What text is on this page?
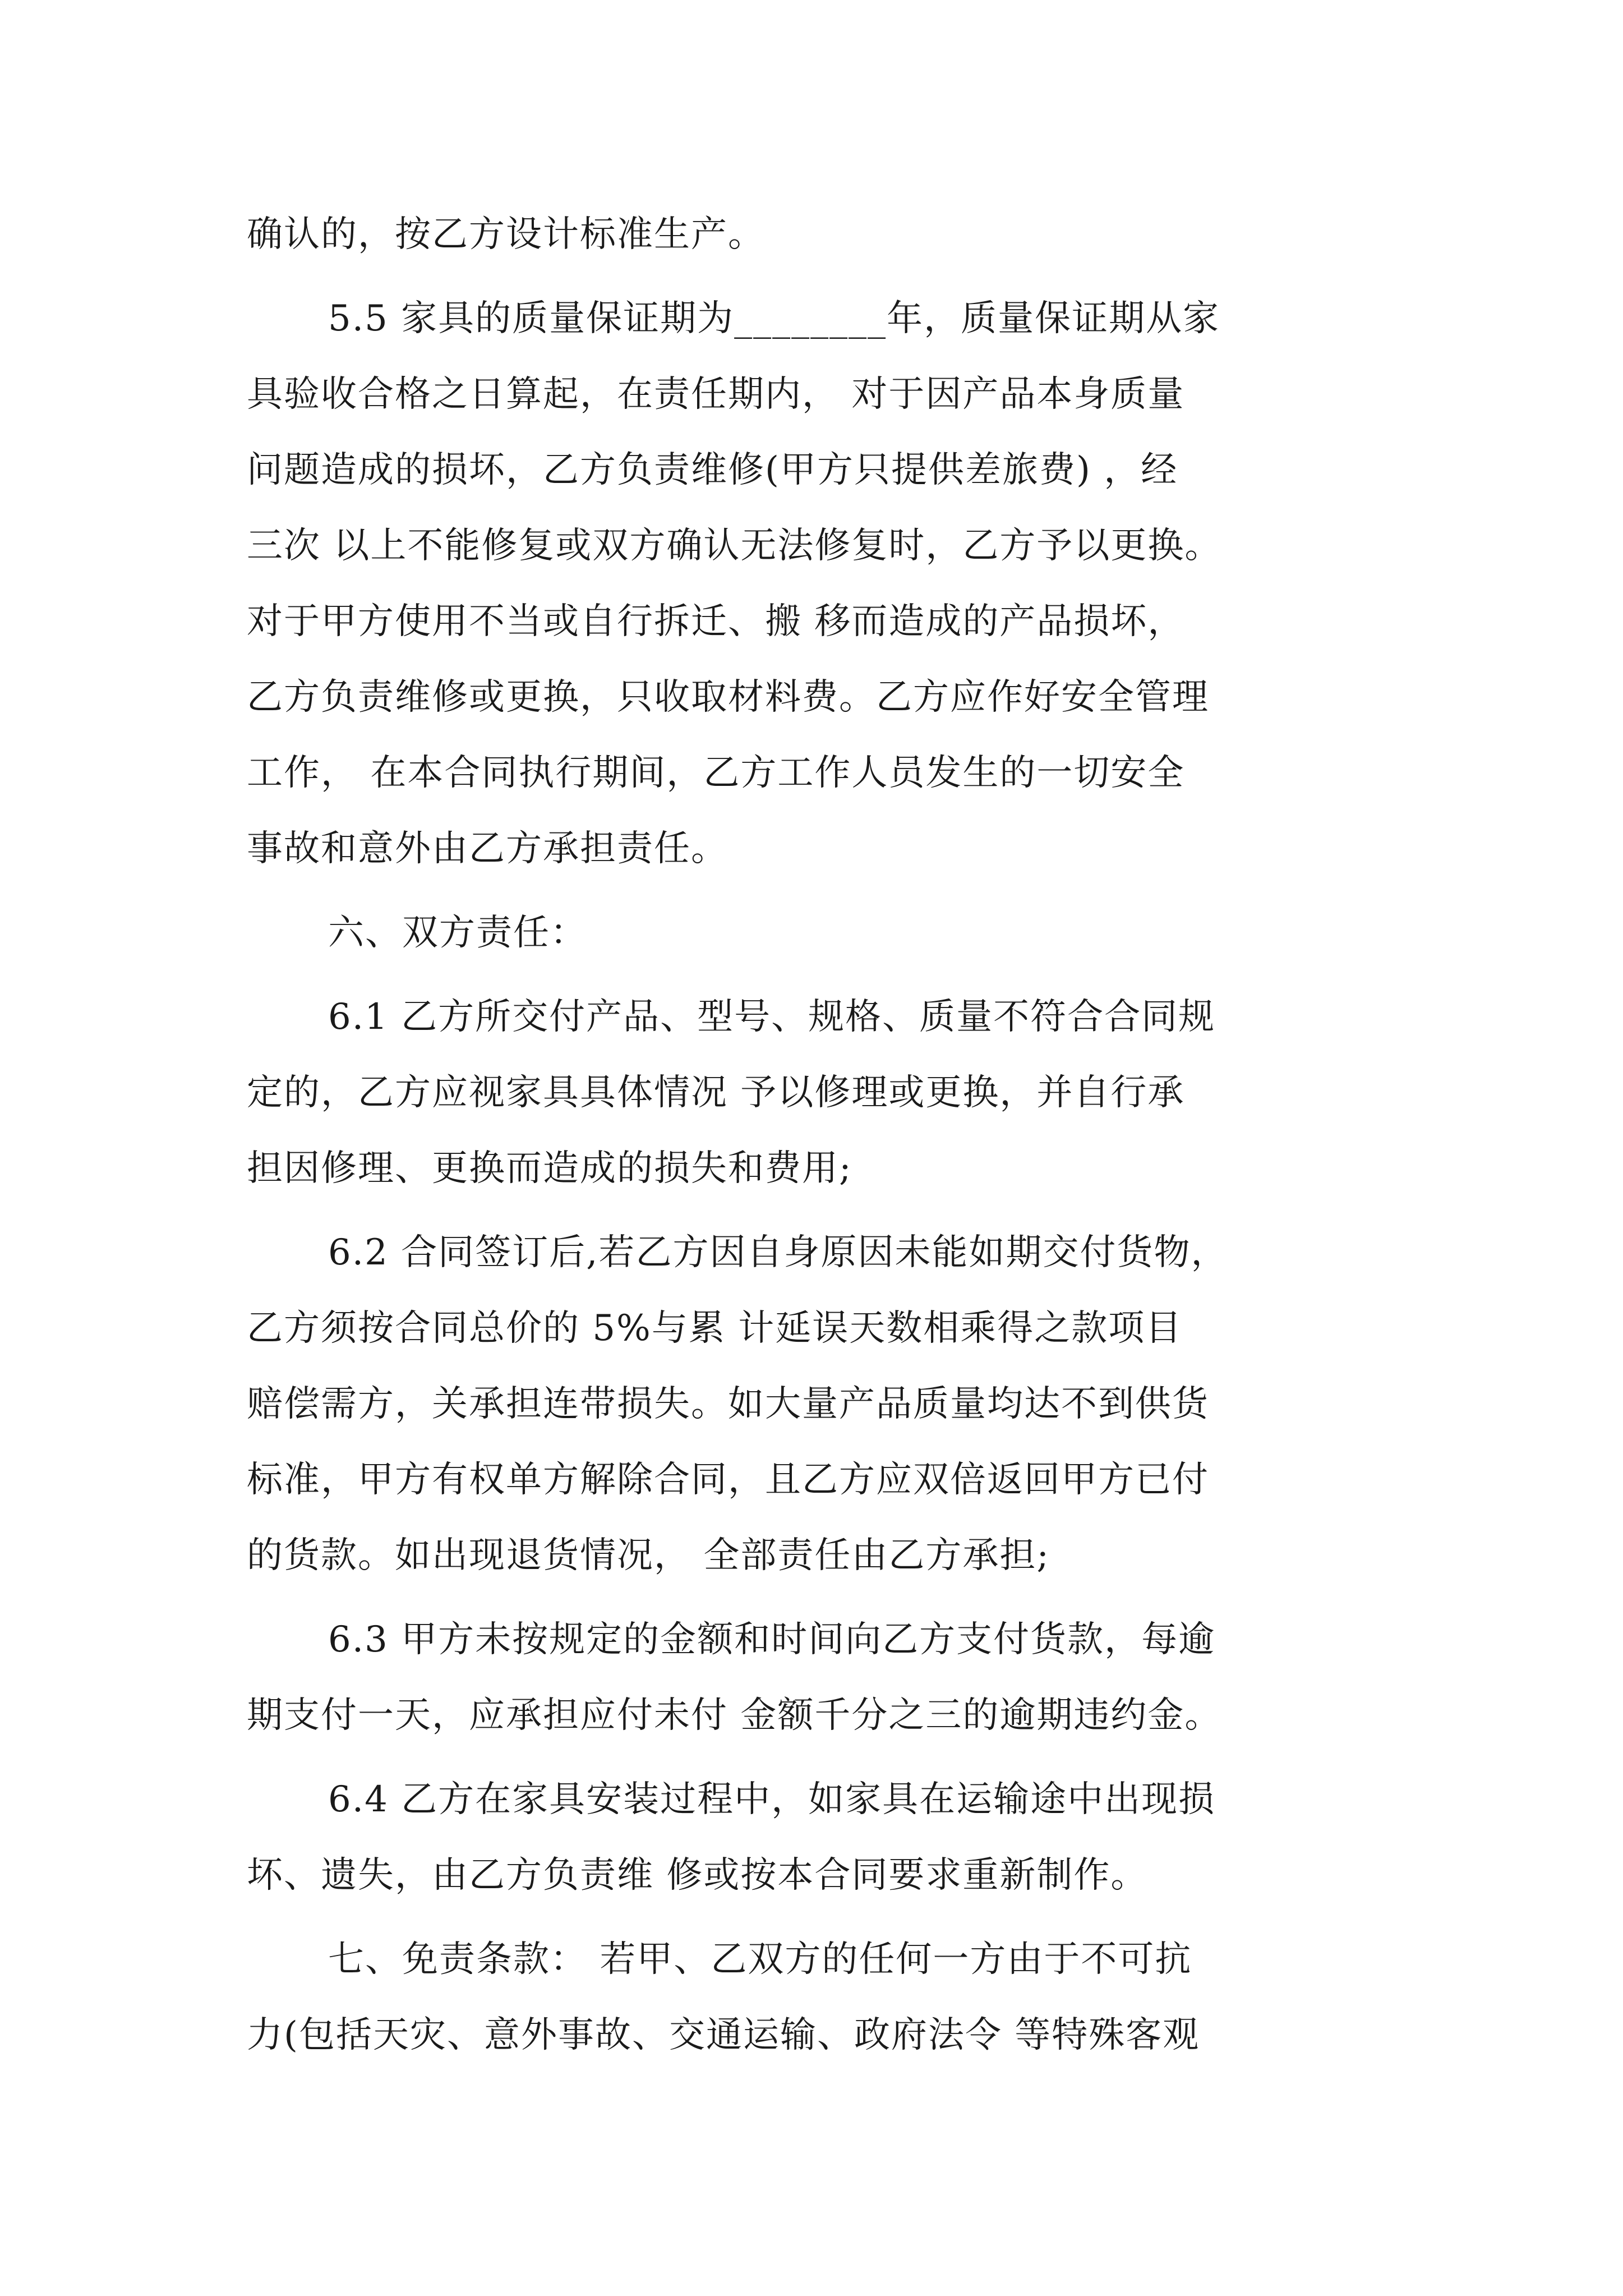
确认的，按乙方设计标准生产。
5.5 家具的质量保证期为________年，质量保证期从家
具验收合格之日算起，在责任期内， 对于因产品本身质量
问题造成的损坏，乙方负责维修(甲方只提供差旅费) ，经
三次 以上不能修复或双方确认无法修复时，乙方予以更换。
对于甲方使用不当或自行拆迁、搬 移而造成的产品损坏，
乙方负责维修或更换，只收取材料费。乙方应作好安全管理
工作， 在本合同执行期间，乙方工作人员发生的一切安全
事故和意外由乙方承担责任。
六、双方责任：
6.1 乙方所交付产品、型号、规格、质量不符合合同规
定的，乙方应视家具具体情况 予以修理或更换，并自行承
担因修理、更换而造成的损失和费用;
6.2 合同签订后,若乙方因自身原因未能如期交付货物，
乙方须按合同总价的 5%与累 计延误天数相乘得之款项目
赔偿需方，关承担连带损失。如大量产品质量均达不到供货
标准，甲方有权单方解除合同，且乙方应双倍返回甲方已付
的货款。如出现退货情况， 全部责任由乙方承担;
6.3 甲方未按规定的金额和时间向乙方支付货款，每逾
期支付一天，应承担应付未付 金额千分之三的逾期违约金。
6.4 乙方在家具安装过程中，如家具在运输途中出现损
坏、遗失，由乙方负责维 修或按本合同要求重新制作。
七、免责条款： 若甲、乙双方的任何一方由于不可抗
力(包括天灾、意外事故、交通运输、政府法令 等特殊客观
